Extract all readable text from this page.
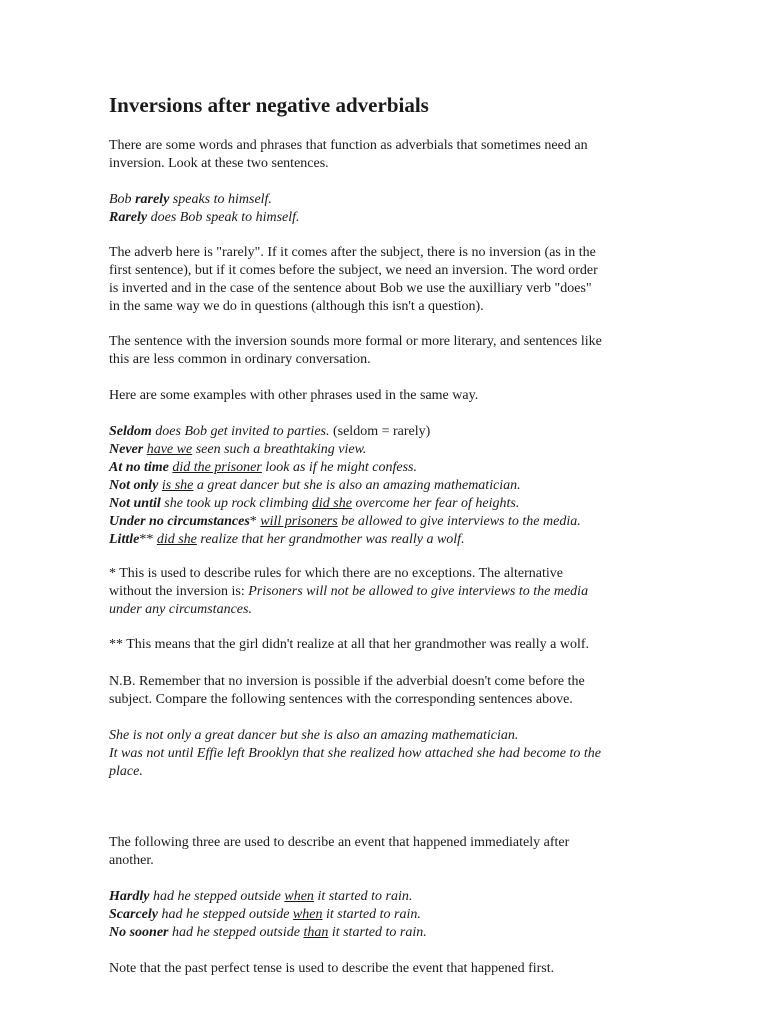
Inversions after negative adverbials

There are some words and phrases that function as adverbials that sometimes need an
inversion. Look at these two sentences.

Bob rarely speaks to himself.
Rarely does Bob speak to himself.

The adverb here is "rarely". If it comes after the subject, there is no inversion (as in the
first sentence), but if it comes before the subject, we need an inversion. The word order
is inverted and in the case of the sentence about Bob we use the auxilliary verb "does"
in the same way we do in questions (although this isn't a question).

The sentence with the inversion sounds more formal or more literary, and sentences like
this are less common in ordinary conversation.

Here are some examples with other phrases used in the same way.

Seldom does Bob get invited to parties. (seldom = rarely)
Never have we seen such a breathtaking view.
At no time did the prisoner look as if he might confess.
Not only is she a great dancer but she is also an amazing mathematician.
Not until she took up rock climbing did she overcome her fear of heights.
Under no circumstances* will prisoners be allowed to give interviews to the media.
Little** did she realize that her grandmother was really a wolf.

* This is used to describe rules for which there are no exceptions. The alternative
without the inversion is: Prisoners will not be allowed to give interviews to the media
under any circumstances.

** This means that the girl didn't realize at all that her grandmother was really a wolf.

N.B. Remember that no inversion is possible if the adverbial doesn't come before the
subject. Compare the following sentences with the corresponding sentences above.

She is not only a great dancer but she is also an amazing mathematician.
It was not until Effie left Brooklyn that she realized how attached she had become to the
place.

The following three are used to describe an event that happened immediately after
another.

Hardly had he stepped outside when it started to rain.
Scarcely had he stepped outside when it started to rain.
No sooner had he stepped outside than it started to rain.

Note that the past perfect tense is used to describe the event that happened first.
